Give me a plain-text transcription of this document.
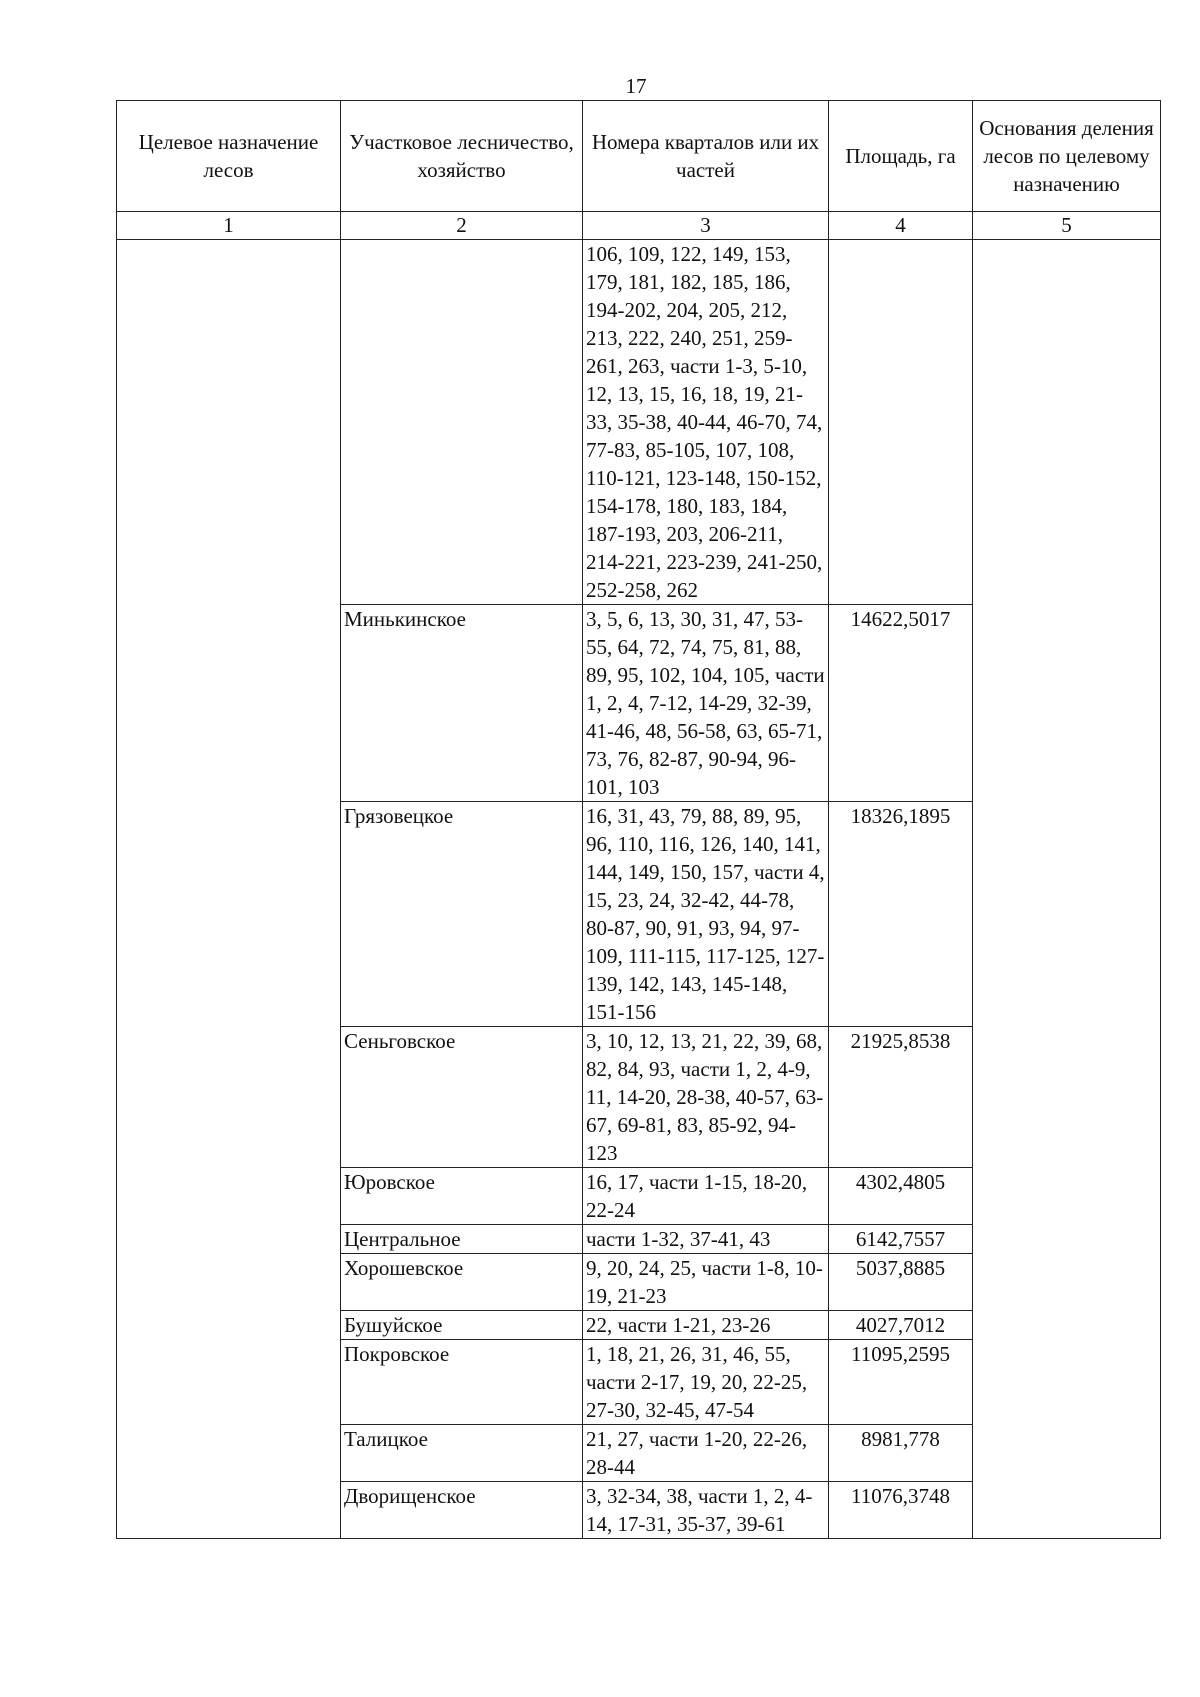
17
Целевое назначение лесов	Участковое лесничество, хозяйство	Номера кварталов или их частей	Площадь, га	Основания деления лесов по целевому назначению
1	2	3	4	5
		106, 109, 122, 149, 153, 179, 181, 182, 185, 186, 194-202, 204, 205, 212, 213, 222, 240, 251, 259-261, 263, части 1-3, 5-10, 12, 13, 15, 16, 18, 19, 21-33, 35-38, 40-44, 46-70, 74, 77-83, 85-105, 107, 108, 110-121, 123-148, 150-152, 154-178, 180, 183, 184, 187-193, 203, 206-211, 214-221, 223-239, 241-250, 252-258, 262		
	Минькинское	3, 5, 6, 13, 30, 31, 47, 53-55, 64, 72, 74, 75, 81, 88, 89, 95, 102, 104, 105, части 1, 2, 4, 7-12, 14-29, 32-39, 41-46, 48, 56-58, 63, 65-71, 73, 76, 82-87, 90-94, 96-101, 103	14622,5017	
	Грязовецкое	16, 31, 43, 79, 88, 89, 95, 96, 110, 116, 126, 140, 141, 144, 149, 150, 157, части 4, 15, 23, 24, 32-42, 44-78, 80-87, 90, 91, 93, 94, 97-109, 111-115, 117-125, 127-139, 142, 143, 145-148, 151-156	18326,1895	
	Сеньговское	3, 10, 12, 13, 21, 22, 39, 68, 82, 84, 93, части 1, 2, 4-9, 11, 14-20, 28-38, 40-57, 63-67, 69-81, 83, 85-92, 94-123	21925,8538	
	Юровское	16, 17, части 1-15, 18-20, 22-24	4302,4805	
	Центральное	части 1-32, 37-41, 43	6142,7557	
	Хорошевское	9, 20, 24, 25, части 1-8, 10-19, 21-23	5037,8885	
	Бушуйское	22, части 1-21, 23-26	4027,7012	
	Покровское	1, 18, 21, 26, 31, 46, 55, части 2-17, 19, 20, 22-25, 27-30, 32-45, 47-54	11095,2595	
	Талицкое	21, 27, части 1-20, 22-26, 28-44	8981,778	
	Дворищенское	3, 32-34, 38, части 1, 2, 4-14, 17-31, 35-37, 39-61	11076,3748	
